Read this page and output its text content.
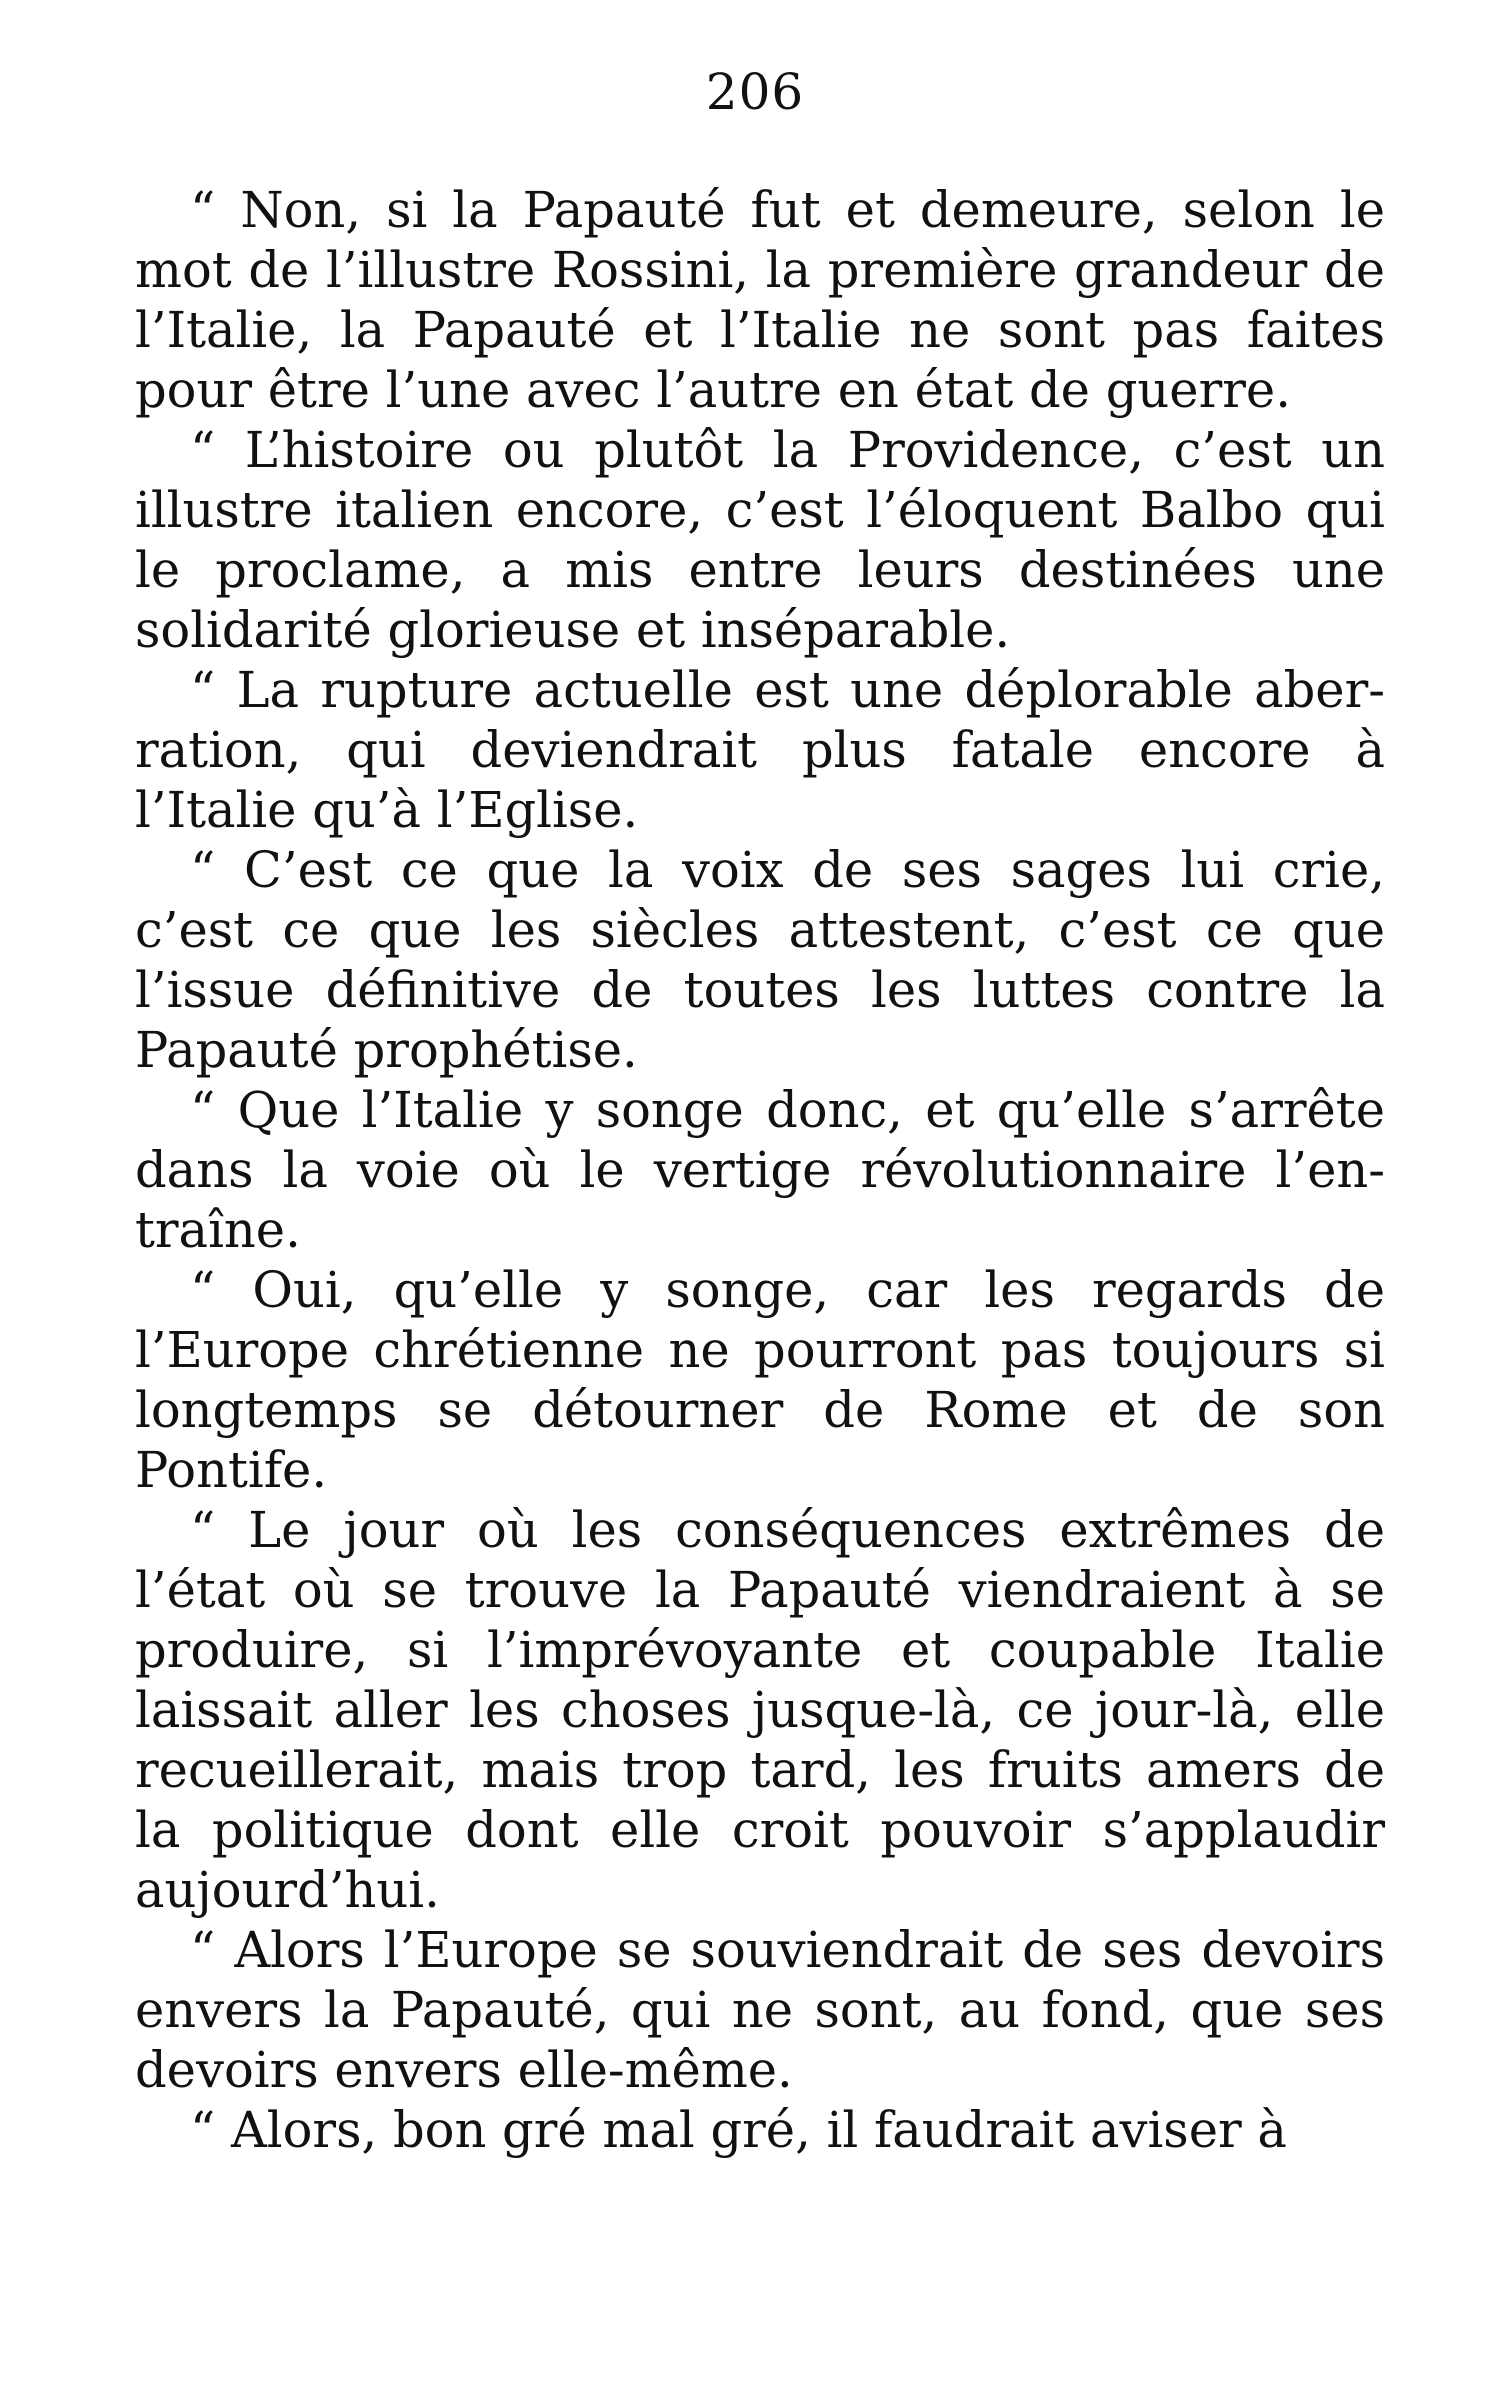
206

“ Non, si la Papauté fut et demeure, selon le mot de l’illustre Rossini, la première grandeur de l’Italie, la Papauté et l’Italie ne sont pas faites pour être l’une avec l’autre en état de guerre.

“ L’histoire ou plutôt la Providence, c’est un illustre italien encore, c’est l’éloquent Balbo qui le proclame, a mis entre leurs destinées une solidarité glorieuse et inséparable.

“ La rupture actuelle est une déplorable aberration, qui deviendrait plus fatale encore à l’Italie qu’à l’Eglise.

“ C’est ce que la voix de ses sages lui crie, c’est ce que les siècles attestent, c’est ce que l’issue définitive de toutes les luttes contre la Papauté prophétise.

“ Que l’Italie y songe donc, et qu’elle s’arrête dans la voie où le vertige révolutionnaire l’entraîne.

“ Oui, qu’elle y songe, car les regards de l’Europe chrétienne ne pourront pas toujours si longtemps se détourner de Rome et de son Pontife.

“ Le jour où les conséquences extrêmes de l’état où se trouve la Papauté viendraient à se produire, si l’imprévoyante et coupable Italie laissait aller les choses jusque-là, ce jour-là, elle recueillerait, mais trop tard, les fruits amers de la politique dont elle croit pouvoir s’applaudir aujourd’hui.

“ Alors l’Europe se souviendrait de ses devoirs envers la Papauté, qui ne sont, au fond, que ses devoirs envers elle-même.

“ Alors, bon gré mal gré, il faudrait aviser à
